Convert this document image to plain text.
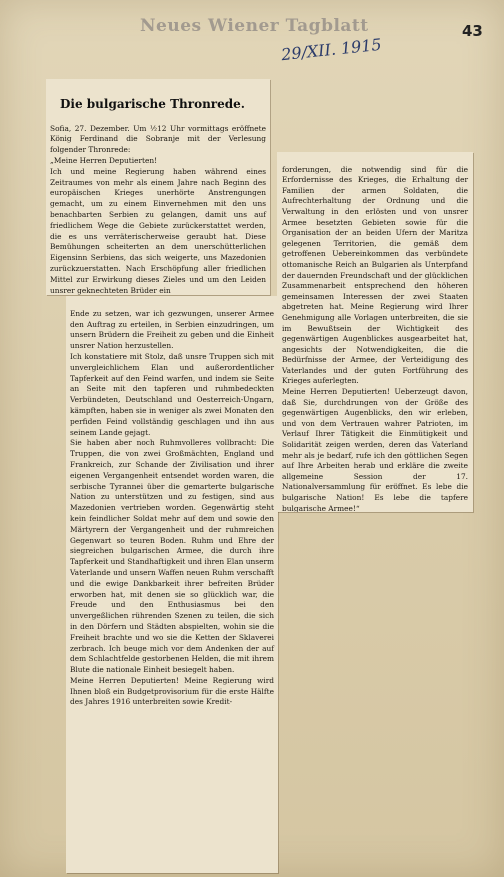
Neues Wiener Tagblatt
29/XII. 1915
43

Die bulgarische Thronrede.

Sofia, 27. Dezember. Um ½12 Uhr vormittags eröffnete König Ferdinand die Sobranje mit der Verlesung folgender Thronrede:
„Meine Herren Deputierten!
Ich und meine Regierung haben während eines Zeitraumes von mehr als einem Jahre nach Beginn des europäischen Krieges unerhörte Anstrengungen gemacht, um zu einem Einvernehmen mit den uns benachbarten Serbien zu gelangen, damit uns auf friedlichem Wege die Gebiete zurückerstattet werden, die es uns verräterischerweise geraubt hat. Diese Bemühungen scheiterten an dem unerschütterlichen Eigensinn Serbiens, das sich weigerte, uns Mazedonien zurückzuerstatten. Nach Erschöpfung aller friedlichen Mittel zur Erwirkung dieses Zieles und um den Leiden unsrer geknechteten Brüder ein

Ende zu setzen, war ich gezwungen, unserer Armee den Auftrag zu erteilen, in Serbien einzudringen, um unsern Brüdern die Freiheit zu geben und die Einheit unsrer Nation herzustellen.
Ich konstatiere mit Stolz, daß unsre Truppen sich mit unvergleichlichem Elan und außerordentlicher Tapferkeit auf den Feind warfen, und indem sie Seite an Seite mit den tapferen und ruhmbedeckten Verbündeten, Deutschland und Oesterreich-Ungarn, kämpften, haben sie in weniger als zwei Monaten den perfiden Feind vollständig geschlagen und ihn aus seinem Lande gejagt.
Sie haben aber noch Ruhmvolleres vollbracht: Die Truppen, die von zwei Großmächten, England und Frankreich, zur Schande der Zivilisation und ihrer eigenen Vergangenheit entsendet worden waren, die serbische Tyrannei über die gemarterte bulgarische Nation zu unterstützen und zu festigen, sind aus Mazedonien vertrieben worden. Gegenwärtig steht kein feindlicher Soldat mehr auf dem und sowie den Märtyrern der Vergangenheit und der ruhmreichen Gegenwart so teuren Boden. Ruhm und Ehre der siegreichen bulgarischen Armee, die durch ihre Tapferkeit und Standhaftigkeit und ihren Elan unserm Vaterlande und unsern Waffen neuen Ruhm verschafft und die ewige Dankbarkeit ihrer befreiten Brüder erworben hat, mit denen sie so glücklich war, die Freude und den Enthusiasmus bei den unvergeßlichen rührenden Szenen zu teilen, die sich in den Dörfern und Städten abspielten, wohin sie die Freiheit brachte und wo sie die Ketten der Sklaverei zerbrach. Ich beuge mich vor dem Andenken der auf dem Schlachtfelde gestorbenen Helden, die mit ihrem Blute die nationale Einheit besiegelt haben.
Meine Herren Deputierten! Meine Regierung wird Ihnen bloß ein Budgetprovisorium für die erste Hälfte des Jahres 1916 unterbreiten sowie Kredit-

forderungen, die notwendig sind für die Erfordernisse des Krieges, die Erhaltung der Familien der armen Soldaten, die Aufrechterhaltung der Ordnung und die Verwaltung in den erlösten und von unsrer Armee besetzten Gebieten sowie für die Organisation der an beiden Ufern der Maritza gelegenen Territorien, die gemäß dem getroffenen Uebereinkommen das verbündete ottomanische Reich an Bulgarien als Unterpfand der dauernden Freundschaft und der glücklichen Zusammenarbeit entsprechend den höheren gemeinsamen Interessen der zwei Staaten abgetreten hat. Meine Regierung wird Ihrer Genehmigung alle Vorlagen unterbreiten, die sie im Bewußtsein der Wichtigkeit des gegenwärtigen Augenblickes ausgearbeitet hat, angesichts der Notwendigkeiten, die die Bedürfnisse der Armee, der Verteidigung des Vaterlandes und der guten Fortführung des Krieges auferlegten.
Meine Herren Deputierten! Ueberzeugt davon, daß Sie, durchdrungen von der Größe des gegenwärtigen Augenblicks, den wir erleben, und von dem Vertrauen wahrer Patrioten, im Verlauf Ihrer Tätigkeit die Einmütigkeit und Solidarität zeigen werden, deren das Vaterland mehr als je bedarf, rufe ich den göttlichen Segen auf Ihre Arbeiten herab und erkläre die zweite allgemeine Session der 17. Nationalversammlung für eröffnet. Es lebe die bulgarische Nation! Es lebe die tapfere bulgarische Armee!“
